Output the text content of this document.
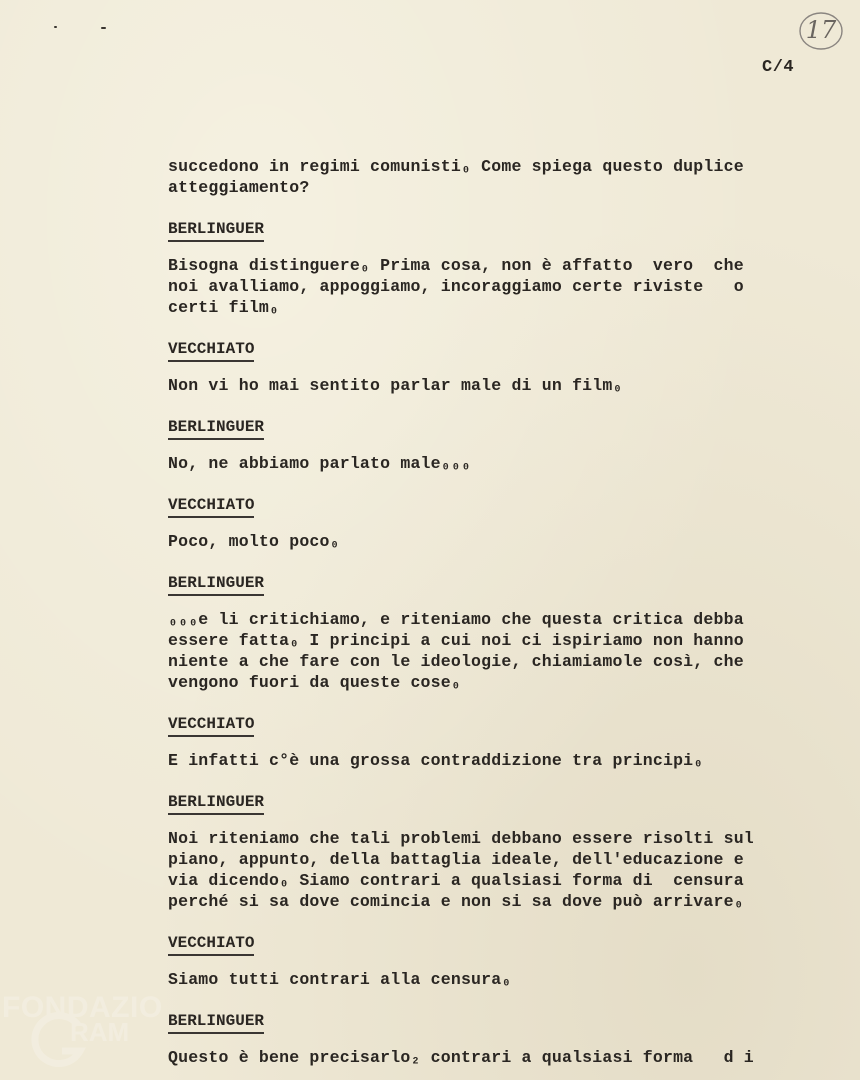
17
C/4
succedono in regimi comunisti₀ Come spiega questo duplice
atteggiamento?
BERLINGUER
Bisogna distinguere₀ Prima cosa, non è affatto  vero  che
noi avalliamo, appoggiamo, incoraggiamo certe riviste   o
certi film₀
VECCHIATO
Non vi ho mai sentito parlar male di un film₀
BERLINGUER
No, ne abbiamo parlato male₀₀₀
VECCHIATO
Poco, molto poco₀
BERLINGUER
₀₀₀e li critichiamo, e riteniamo che questa critica debba
essere fatta₀ I principi a cui noi ci ispiriamo non hanno
niente a che fare con le ideologie, chiamiamole così, che
vengono fuori da queste cose₀
VECCHIATO
E infatti c°è una grossa contraddizione tra principi₀
BERLINGUER
Noi riteniamo che tali problemi debbano essere risolti sul
piano, appunto, della battaglia ideale, dell'educazione e
via dicendo₀ Siamo contrari a qualsiasi forma di  censura
perché si sa dove comincia e non si sa dove può arrivare₀
VECCHIATO
Siamo tutti contrari alla censura₀
BERLINGUER
Questo è bene precisarlo₂ contrari a qualsiasi forma   d i
FONDAZIO
RAM
